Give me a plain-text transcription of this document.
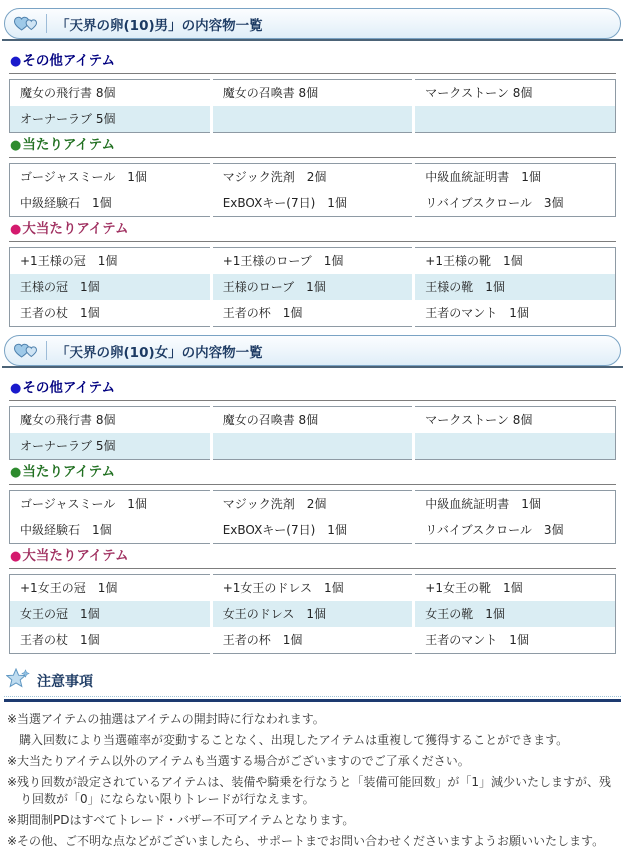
「天界の卵(10)男」の内容物一覧
●その他アイテム
魔女の飛行書 8個	魔女の召喚書 8個	マークストーン 8個
オーナーラブ 5個		
●当たりアイテム
ゴージャスミール　1個	マジック洗剤　2個	中級血統証明書　1個
中級経験石　1個	ExBOXキー(7日)　1個	リバイブスクロール　3個
●大当たりアイテム
+1王様の冠　1個	+1王様のローブ　1個	+1王様の靴　1個
王様の冠　1個	王様のローブ　1個	王様の靴　1個
王者の杖　1個	王者の杯　1個	王者のマント　1個
「天界の卵(10)女」の内容物一覧
●その他アイテム
魔女の飛行書 8個	魔女の召喚書 8個	マークストーン 8個
オーナーラブ 5個		
●当たりアイテム
ゴージャスミール　1個	マジック洗剤　2個	中級血統証明書　1個
中級経験石　1個	ExBOXキー(7日)　1個	リバイブスクロール　3個
●大当たりアイテム
+1女王の冠　1個	+1女王のドレス　1個	+1女王の靴　1個
女王の冠　1個	女王のドレス　1個	女王の靴　1個
王者の杖　1個	王者の杯　1個	王者のマント　1個
注意事項

※当選アイテムの抽選はアイテムの開封時に行なわれます。

　購入回数により当選確率が変動することなく、出現したアイテムは重複して獲得することができます。

※大当たりアイテム以外のアイテムも当選する場合がございますのでご了承ください。

※残り回数が設定されているアイテムは、装備や騎乗を行なうと「装備可能回数」が「1」減少いたしますが、残り回数が「0」にならない限りトレードが行なえます。

※期間制PDはすべてトレード・バザー不可アイテムとなります。

※その他、ご不明な点などがございましたら、サポートまでお問い合わせくださいますようお願いいたします。
